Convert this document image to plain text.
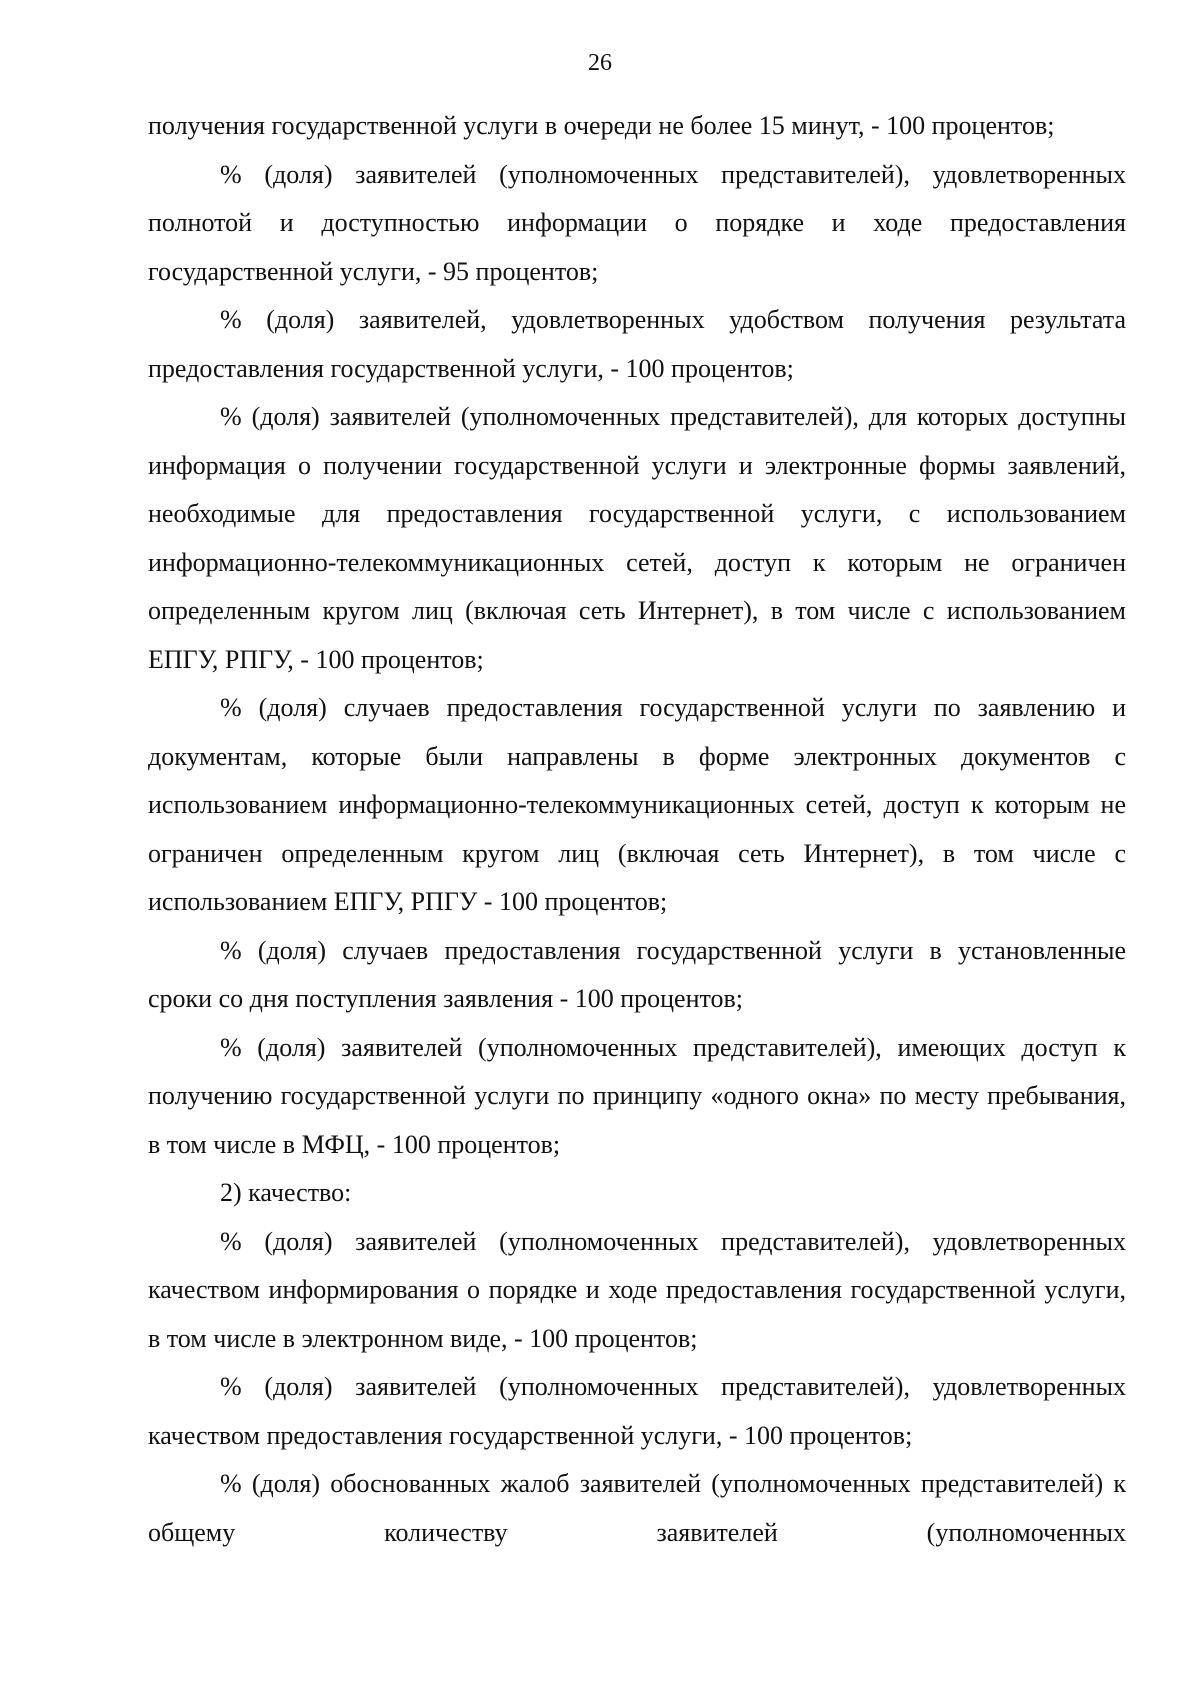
26

получения государственной услуги в очереди не более 15 минут, - 100 процентов;

% (доля) заявителей (уполномоченных представителей), удовлетворенных полнотой и доступностью информации о порядке и ходе предоставления государственной услуги, - 95 процентов;

% (доля) заявителей, удовлетворенных удобством получения результата предоставления государственной услуги, - 100 процентов;

% (доля) заявителей (уполномоченных представителей), для которых доступны информация о получении государственной услуги и электронные формы заявлений, необходимые для предоставления государственной услуги, с использованием информационно-телекоммуникационных сетей, доступ к которым не ограничен определенным кругом лиц (включая сеть Интернет), в том числе с использованием ЕПГУ, РПГУ, - 100 процентов;

% (доля) случаев предоставления государственной услуги по заявлению и документам, которые были направлены в форме электронных документов с использованием информационно-телекоммуникационных сетей, доступ к которым не ограничен определенным кругом лиц (включая сеть Интернет), в том числе с использованием ЕПГУ, РПГУ - 100 процентов;

% (доля) случаев предоставления государственной услуги в установленные сроки со дня поступления заявления - 100 процентов;

% (доля) заявителей (уполномоченных представителей), имеющих доступ к получению государственной услуги по принципу «одного окна» по месту пребывания, в том числе в МФЦ, - 100 процентов;

2) качество:

% (доля) заявителей (уполномоченных представителей), удовлетворенных качеством информирования о порядке и ходе предоставления государственной услуги, в том числе в электронном виде, - 100 процентов;

% (доля) заявителей (уполномоченных представителей), удовлетворенных качеством предоставления государственной услуги, - 100 процентов;

% (доля) обоснованных жалоб заявителей (уполномоченных представителей) к общему количеству заявителей (уполномоченных
